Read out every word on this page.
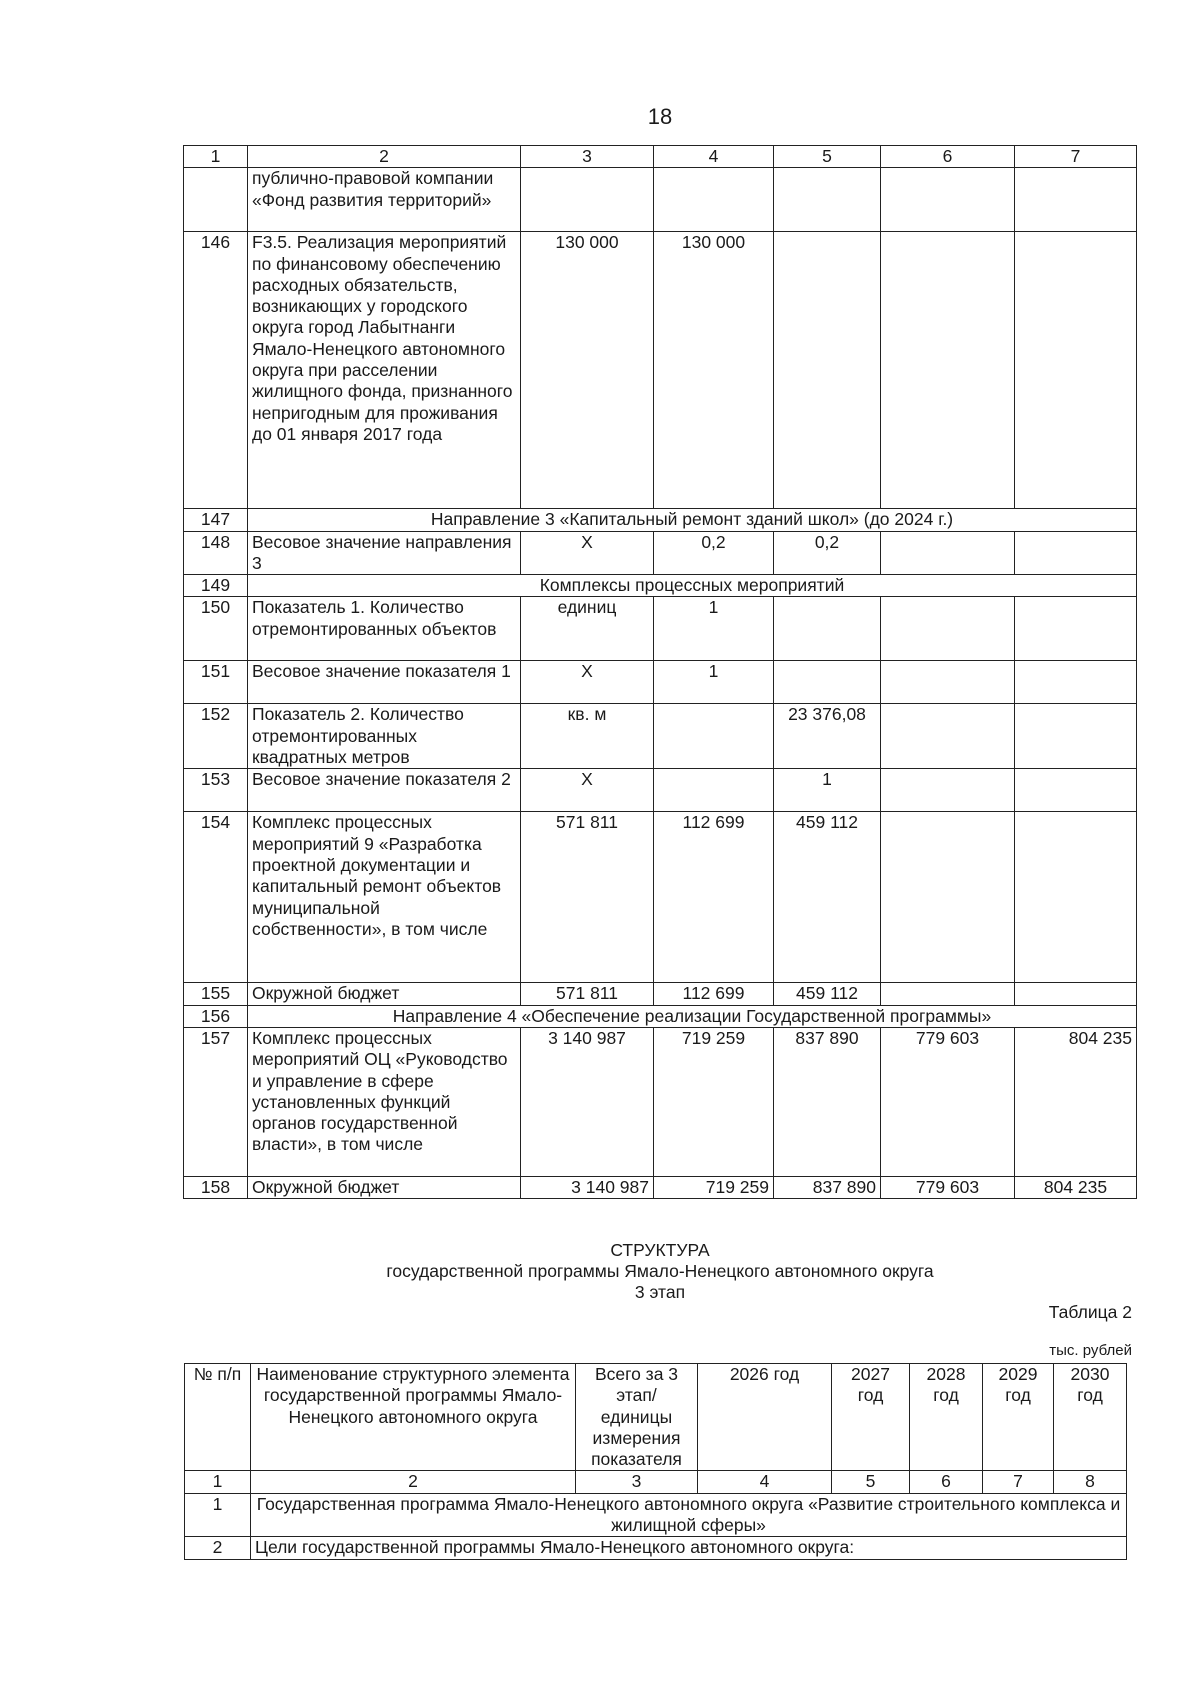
18
1	2	3	4	5	6	7
	публично-правовой компании «Фонд развития территорий»					
146	F3.5. Реализация мероприятий по финансовому обеспечению расходных обязательств, возникающих у городского округа город Лабытнанги Ямало-Ненецкого автономного округа при расселении жилищного фонда, признанного непригодным для проживания до 01 января 2017 года	130 000	130 000			
147	Направление 3 «Капитальный ремонт зданий школ» (до 2024 г.)					
148	Весовое значение направления 3	X	0,2	0,2		
149	Комплексы процессных мероприятий					
150	Показатель 1. Количество отремонтированных объектов	единиц	1			
151	Весовое значение показателя 1	X	1			
152	Показатель 2. Количество отремонтированных квадратных метров	кв. м		23 376,08		
153	Весовое значение показателя 2	X		1		
154	Комплекс процессных мероприятий 9 «Разработка проектной документации и капитальный ремонт объектов муниципальной собственности», в том числе	571 811	112 699	459 112		
155	Окружной бюджет	571 811	112 699	459 112		
156	Направление 4 «Обеспечение реализации Государственной программы»					
157	Комплекс процессных мероприятий ОЦ «Руководство и управление в сфере установленных функций органов государственной власти», в том числе	3 140 987	719 259	837 890	779 603	804 235
158	Окружной бюджет	3 140 987	719 259	837 890	779 603	804 235
СТРУКТУРА
государственной программы Ямало-Ненецкого автономного округа
3 этап
Таблица 2
тыс. рублей
№ п/п	Наименование структурного элемента государственной программы Ямало-Ненецкого автономного округа	Всего за 3 этап/ единицы измерения показателя	2026 год	2027 год	2028 год	2029 год	2030 год
1	2	3	4	5	6	7	8
1	Государственная программа Ямало-Ненецкого автономного округа «Развитие строительного комплекса и жилищной сферы»						
2	Цели государственной программы Ямало-Ненецкого автономного округа:						
